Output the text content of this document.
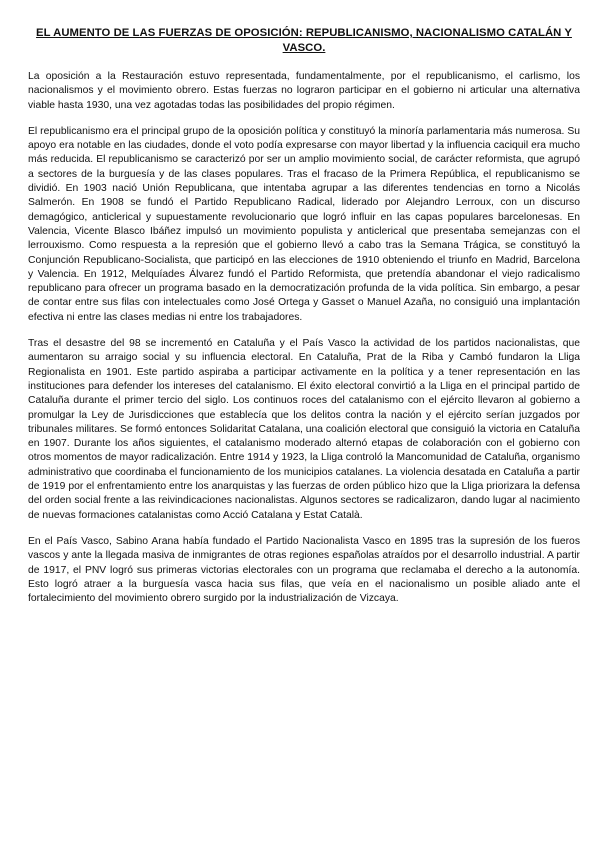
EL AUMENTO DE LAS FUERZAS DE OPOSICIÓN: REPUBLICANISMO, NACIONALISMO CATALÁN Y VASCO.

La oposición a la Restauración estuvo representada, fundamentalmente, por el republicanismo, el carlismo, los nacionalismos y el movimiento obrero. Estas fuerzas no lograron participar en el gobierno ni articular una alternativa viable hasta 1930, una vez agotadas todas las posibilidades del propio régimen.

El republicanismo era el principal grupo de la oposición política y constituyó la minoría parlamentaria más numerosa. Su apoyo era notable en las ciudades, donde el voto podía expresarse con mayor libertad y la influencia caciquil era mucho más reducida. El republicanismo se caracterizó por ser un amplio movimiento social, de carácter reformista, que agrupó a sectores de la burguesía y de las clases populares. Tras el fracaso de la Primera República, el republicanismo se dividió. En 1903 nació Unión Republicana, que intentaba agrupar a las diferentes tendencias en torno a Nicolás Salmerón. En 1908 se fundó el Partido Republicano Radical, liderado por Alejandro Lerroux, con un discurso demagógico, anticlerical y supuestamente revolucionario que logró influir en las capas populares barcelonesas. En Valencia, Vicente Blasco Ibáñez impulsó un movimiento populista y anticlerical que presentaba semejanzas con el lerrouxismo. Como respuesta a la represión que el gobierno llevó a cabo tras la Semana Trágica, se constituyó la Conjunción Republicano-Socialista, que participó en las elecciones de 1910 obteniendo el triunfo en Madrid, Barcelona y Valencia. En 1912, Melquíades Álvarez fundó el Partido Reformista, que pretendía abandonar el viejo radicalismo republicano para ofrecer un programa basado en la democratización profunda de la vida política. Sin embargo, a pesar de contar entre sus filas con intelectuales como José Ortega y Gasset o Manuel Azaña, no consiguió una implantación efectiva ni entre las clases medias ni entre los trabajadores.

Tras el desastre del 98 se incrementó en Cataluña y el País Vasco la actividad de los partidos nacionalistas, que aumentaron su arraigo social y su influencia electoral. En Cataluña, Prat de la Riba y Cambó fundaron la Lliga Regionalista en 1901. Este partido aspiraba a participar activamente en la política y a tener representación en las instituciones para defender los intereses del catalanismo. El éxito electoral convirtió a la Lliga en el principal partido de Cataluña durante el primer tercio del siglo. Los continuos roces del catalanismo con el ejército llevaron al gobierno a promulgar la Ley de Jurisdicciones que establecía que los delitos contra la nación y el ejército serían juzgados por tribunales militares. Se formó entonces Solidaritat Catalana, una coalición electoral que consiguió la victoria en Cataluña en 1907. Durante los años siguientes, el catalanismo moderado alternó etapas de colaboración con el gobierno con otros momentos de mayor radicalización. Entre 1914 y 1923, la Lliga controló la Mancomunidad de Cataluña, organismo administrativo que coordinaba el funcionamiento de los municipios catalanes. La violencia desatada en Cataluña a partir de 1919 por el enfrentamiento entre los anarquistas y las fuerzas de orden público hizo que la Lliga priorizara la defensa del orden social frente a las reivindicaciones nacionalistas. Algunos sectores se radicalizaron, dando lugar al nacimiento de nuevas formaciones catalanistas como Acció Catalana y Estat Català.

En el País Vasco, Sabino Arana había fundado el Partido Nacionalista Vasco en 1895 tras la supresión de los fueros vascos y ante la llegada masiva de inmigrantes de otras regiones españolas atraídos por el desarrollo industrial. A partir de 1917, el PNV logró sus primeras victorias electorales con un programa que reclamaba el derecho a la autonomía. Esto logró atraer a la burguesía vasca hacia sus filas, que veía en el nacionalismo un posible aliado ante el fortalecimiento del movimiento obrero surgido por la industrialización de Vizcaya.
